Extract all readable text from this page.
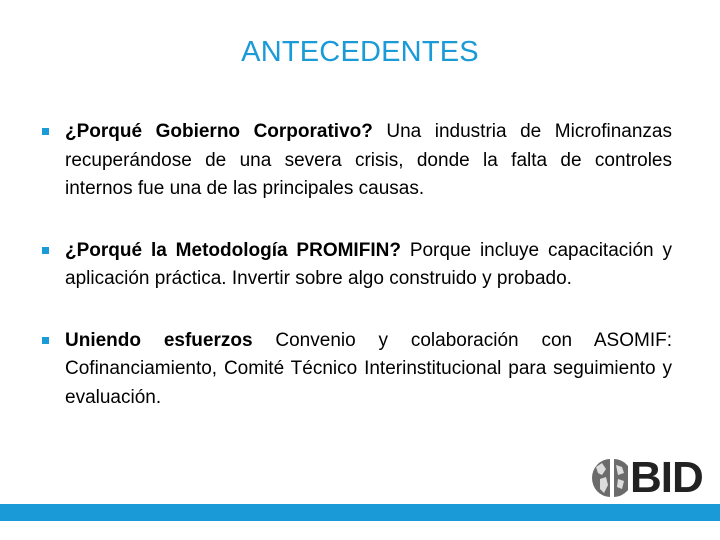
ANTECEDENTES
¿Porqué Gobierno Corporativo? Una industria de Microfinanzas recuperándose de una severa crisis, donde la falta de controles internos fue una de las principales causas.
¿Porqué la Metodología PROMIFIN? Porque incluye capacitación y aplicación práctica. Invertir sobre algo construido y probado.
Uniendo esfuerzos Convenio y colaboración con ASOMIF: Cofinanciamiento, Comité Técnico Interinstitucional para seguimiento y evaluación.
BID
